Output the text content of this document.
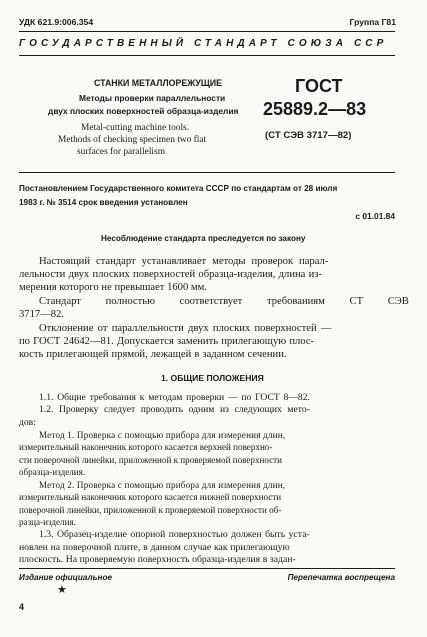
УДК 621.9:006.354	Группа Г81
ГОСУДАРСТВЕННЫЙ СТАНДАРТ СОЮЗА ССР
СТАНКИ МЕТАЛЛОРЕЖУЩИЕ
Методы проверки параллельности
двух плоских поверхностей образца-изделия
Metal-cutting machine tools.
Methods of checking specimen two flat
surfaces for parallelism
ГОСТ
25889.2—83
(СТ СЭВ 3717—82)
Постановлением Государственного комитета СССР по стандартам от 28 июля
1983 г. № 3514 срок введения установлен
с 01.01.84
Несоблюдение стандарта преследуется по закону
Настоящий стандарт устанавливает методы проверок парал-
лельности двух плоских поверхностей образца-изделия, длина из-
мерения которого не превышает 1600 мм.
Стандарт полностью соответствует требованиям СТ СЭВ
3717—82.
Отклонение от параллельности двух плоских поверхностей —
по ГОСТ 24642—81. Допускается заменить прилегающую плос-
кость прилегающей прямой, лежащей в заданном сечении.
1. ОБЩИЕ ПОЛОЖЕНИЯ
1.1. Общие требования к методам проверки — по ГОСТ 8—82.
1.2. Проверку следует проводить одним из следующих мето-
дов:
Метод 1. Проверка с помощью прибора для измерения длин,
измерительный наконечник которого касается верхней поверхно-
сти поверочной линейки, приложенной к проверяемой поверхности
образца-изделия.
Метод 2. Проверка с помощью прибора для измерения длин,
измерительный наконечник которого касается нижней поверхности
поверочной линейки, приложенной к проверяемой поверхности об-
разца-изделия.
1.3. Образец-изделие опорной поверхностью должен быть уста-
новлен на поверочной плите, в данном случае как прилегающую
плоскость. На проверяемую поверхность образца-изделия в задан-
Издание официальное	Перепечатка воспрещена
★
4
